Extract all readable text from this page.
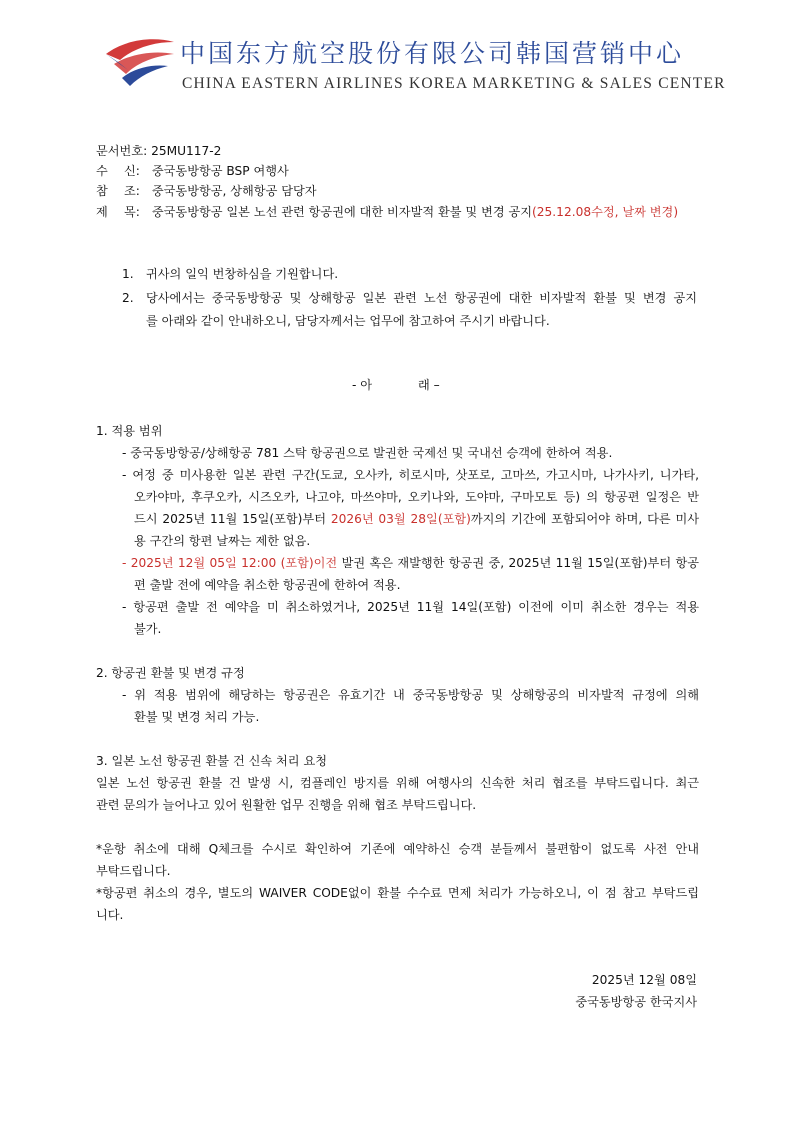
中国东方航空股份有限公司韩国营销中心
CHINA EASTERN AIRLINES KOREA MARKETING & SALES CENTER
문서번호: 25MU117-2
수 신: 중국동방항공 BSP 여행사
참 조: 중국동방항공, 상해항공 담당자
제 목: 중국동방항공 일본 노선 관련 항공권에 대한 비자발적 환불 및 변경 공지(25.12.08수정, 날짜 변경)
1. 귀사의 일익 번창하심을 기원합니다.
2. 당사에서는 중국동방항공 및 상해항공 일본 관련 노선 항공권에 대한 비자발적 환불 및 변경 공지
를 아래와 같이 안내하오니, 담당자께서는 업무에 참고하여 주시기 바랍니다.
- 아	래 –
1. 적용 범위
- 중국동방항공/상해항공 781 스탁 항공권으로 발권한 국제선 및 국내선 승객에 한하여 적용.
- 여정 중 미사용한 일본 관련 구간(도쿄, 오사카, 히로시마, 삿포로, 고마쓰, 가고시마, 나가사키, 니가타,
오카야마, 후쿠오카, 시즈오카, 나고야, 마쓰야마, 오키나와, 도야마, 구마모토 등) 의 항공편 일정은 반
드시 2025년 11월 15일(포함)부터 2026년 03월 28일(포함)까지의 기간에 포함되어야 하며, 다른 미사
용 구간의 항편 날짜는 제한 없음.
- 2025년 12월 05일 12:00 (포함)이전 발권 혹은 재발행한 항공권 중, 2025년 11월 15일(포함)부터 항공
편 출발 전에 예약을 취소한 항공권에 한하여 적용.
- 항공편 출발 전 예약을 미 취소하였거나, 2025년 11월 14일(포함) 이전에 이미 취소한 경우는 적용
불가.
2. 항공권 환불 및 변경 규정
- 위 적용 범위에 해당하는 항공권은 유효기간 내 중국동방항공 및 상해항공의 비자발적 규정에 의해
환불 및 변경 처리 가능.
3. 일본 노선 항공권 환불 건 신속 처리 요청
일본 노선 항공권 환불 건 발생 시, 컴플레인 방지를 위해 여행사의 신속한 처리 협조를 부탁드립니다. 최근
관련 문의가 늘어나고 있어 원활한 업무 진행을 위해 협조 부탁드립니다.
*운항 취소에 대해 Q체크를 수시로 확인하여 기존에 예약하신 승객 분들께서 불편함이 없도록 사전 안내
부탁드립니다.
*항공편 취소의 경우, 별도의 WAIVER CODE없이 환불 수수료 면제 처리가 가능하오니, 이 점 참고 부탁드립
니다.
2025년 12월 08일
중국동방항공 한국지사
